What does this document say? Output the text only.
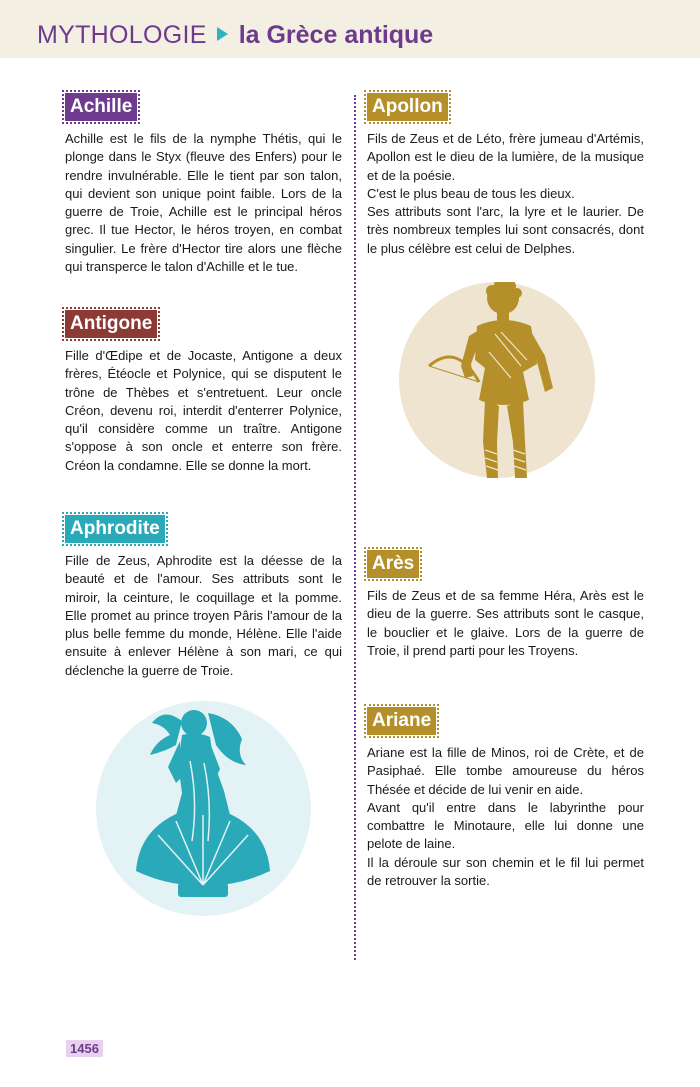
MYTHOLOGIE la Grèce antique
Achille

Achille est le fils de la nymphe Thétis, qui le plonge dans le Styx (fleuve des Enfers) pour le rendre invulnérable. Elle le tient par son talon, qui devient son unique point faible. Lors de la guerre de Troie, Achille est le principal héros grec. Il tue Hector, le héros troyen, en combat singulier. Le frère d'Hector tire alors une flèche qui transperce le talon d'Achille et le tue.

Antigone

Fille d'Œdipe et de Jocaste, Antigone a deux frères, Étéocle et Polynice, qui se disputent le trône de Thèbes et s'entretuent. Leur oncle Créon, devenu roi, interdit d'enterrer Polynice, qu'il considère comme un traître. Antigone s'oppose à son oncle et enterre son frère. Créon la condamne. Elle se donne la mort.

Aphrodite

Fille de Zeus, Aphrodite est la déesse de la beauté et de l'amour. Ses attributs sont le miroir, la ceinture, le coquillage et la pomme. Elle promet au prince troyen Pâris l'amour de la plus belle femme du monde, Hélène. Elle l'aide ensuite à enlever Hélène à son mari, ce qui déclenche la guerre de Troie.

Apollon

Fils de Zeus et de Léto, frère jumeau d'Artémis, Apollon est le dieu de la lumière, de la musique et de la poésie.

C'est le plus beau de tous les dieux.

Ses attributs sont l'arc, la lyre et le laurier. De très nombreux temples lui sont consacrés, dont le plus célèbre est celui de Delphes.

Arès

Fils de Zeus et de sa femme Héra, Arès est le dieu de la guerre. Ses attributs sont le casque, le bouclier et le glaive. Lors de la guerre de Troie, il prend parti pour les Troyens.

Ariane

Ariane est la fille de Minos, roi de Crète, et de Pasiphaé. Elle tombe amoureuse du héros Thésée et décide de lui venir en aide.

Avant qu'il entre dans le labyrinthe pour combattre le Minotaure, elle lui donne une pelote de laine.

Il la déroule sur son chemin et le fil lui permet de retrouver la sortie.

1456
